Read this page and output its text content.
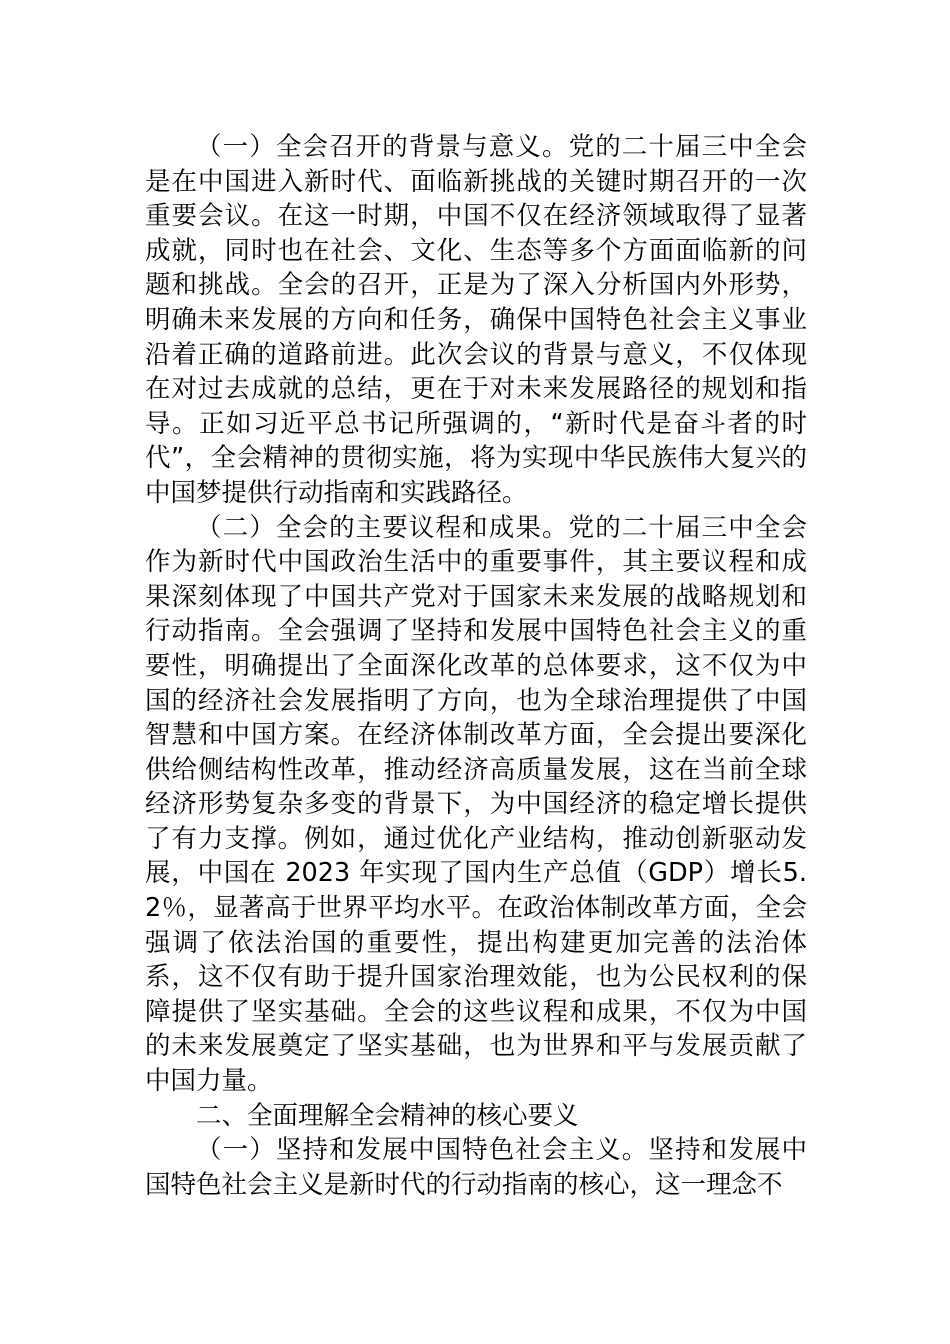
（一）全会召开的背景与意义。党的二十届三中全会是在中国进入新时代、面临新挑战的关键时期召开的一次重要会议。在这一时期，中国不仅在经济领域取得了显著成就，同时也在社会、文化、生态等多个方面面临新的问题和挑战。全会的召开，正是为了深入分析国内外形势，明确未来发展的方向和任务，确保中国特色社会主义事业沿着正确的道路前进。此次会议的背景与意义，不仅体现在对过去成就的总结，更在于对未来发展路径的规划和指导。正如习近平总书记所强调的，“新时代是奋斗者的时代”，全会精神的贯彻实施，将为实现中华民族伟大复兴的中国梦提供行动指南和实践路径。

（二）全会的主要议程和成果。党的二十届三中全会作为新时代中国政治生活中的重要事件，其主要议程和成果深刻体现了中国共产党对于国家未来发展的战略规划和行动指南。全会强调了坚持和发展中国特色社会主义的重要性，明确提出了全面深化改革的总体要求，这不仅为中国的经济社会发展指明了方向，也为全球治理提供了中国智慧和中国方案。在经济体制改革方面，全会提出要深化供给侧结构性改革，推动经济高质量发展，这在当前全球经济形势复杂多变的背景下，为中国经济的稳定增长提供了有力支撑。例如，通过优化产业结构，推动创新驱动发展，中国在 2023 年实现了国内生产总值（GDP）增长5.2％，显著高于世界平均水平。在政治体制改革方面，全会强调了依法治国的重要性，提出构建更加完善的法治体系，这不仅有助于提升国家治理效能，也为公民权利的保障提供了坚实基础。全会的这些议程和成果，不仅为中国的未来发展奠定了坚实基础，也为世界和平与发展贡献了中国力量。

二、全面理解全会精神的核心要义

（一）坚持和发展中国特色社会主义。坚持和发展中国特色社会主义是新时代的行动指南的核心，这一理念不
